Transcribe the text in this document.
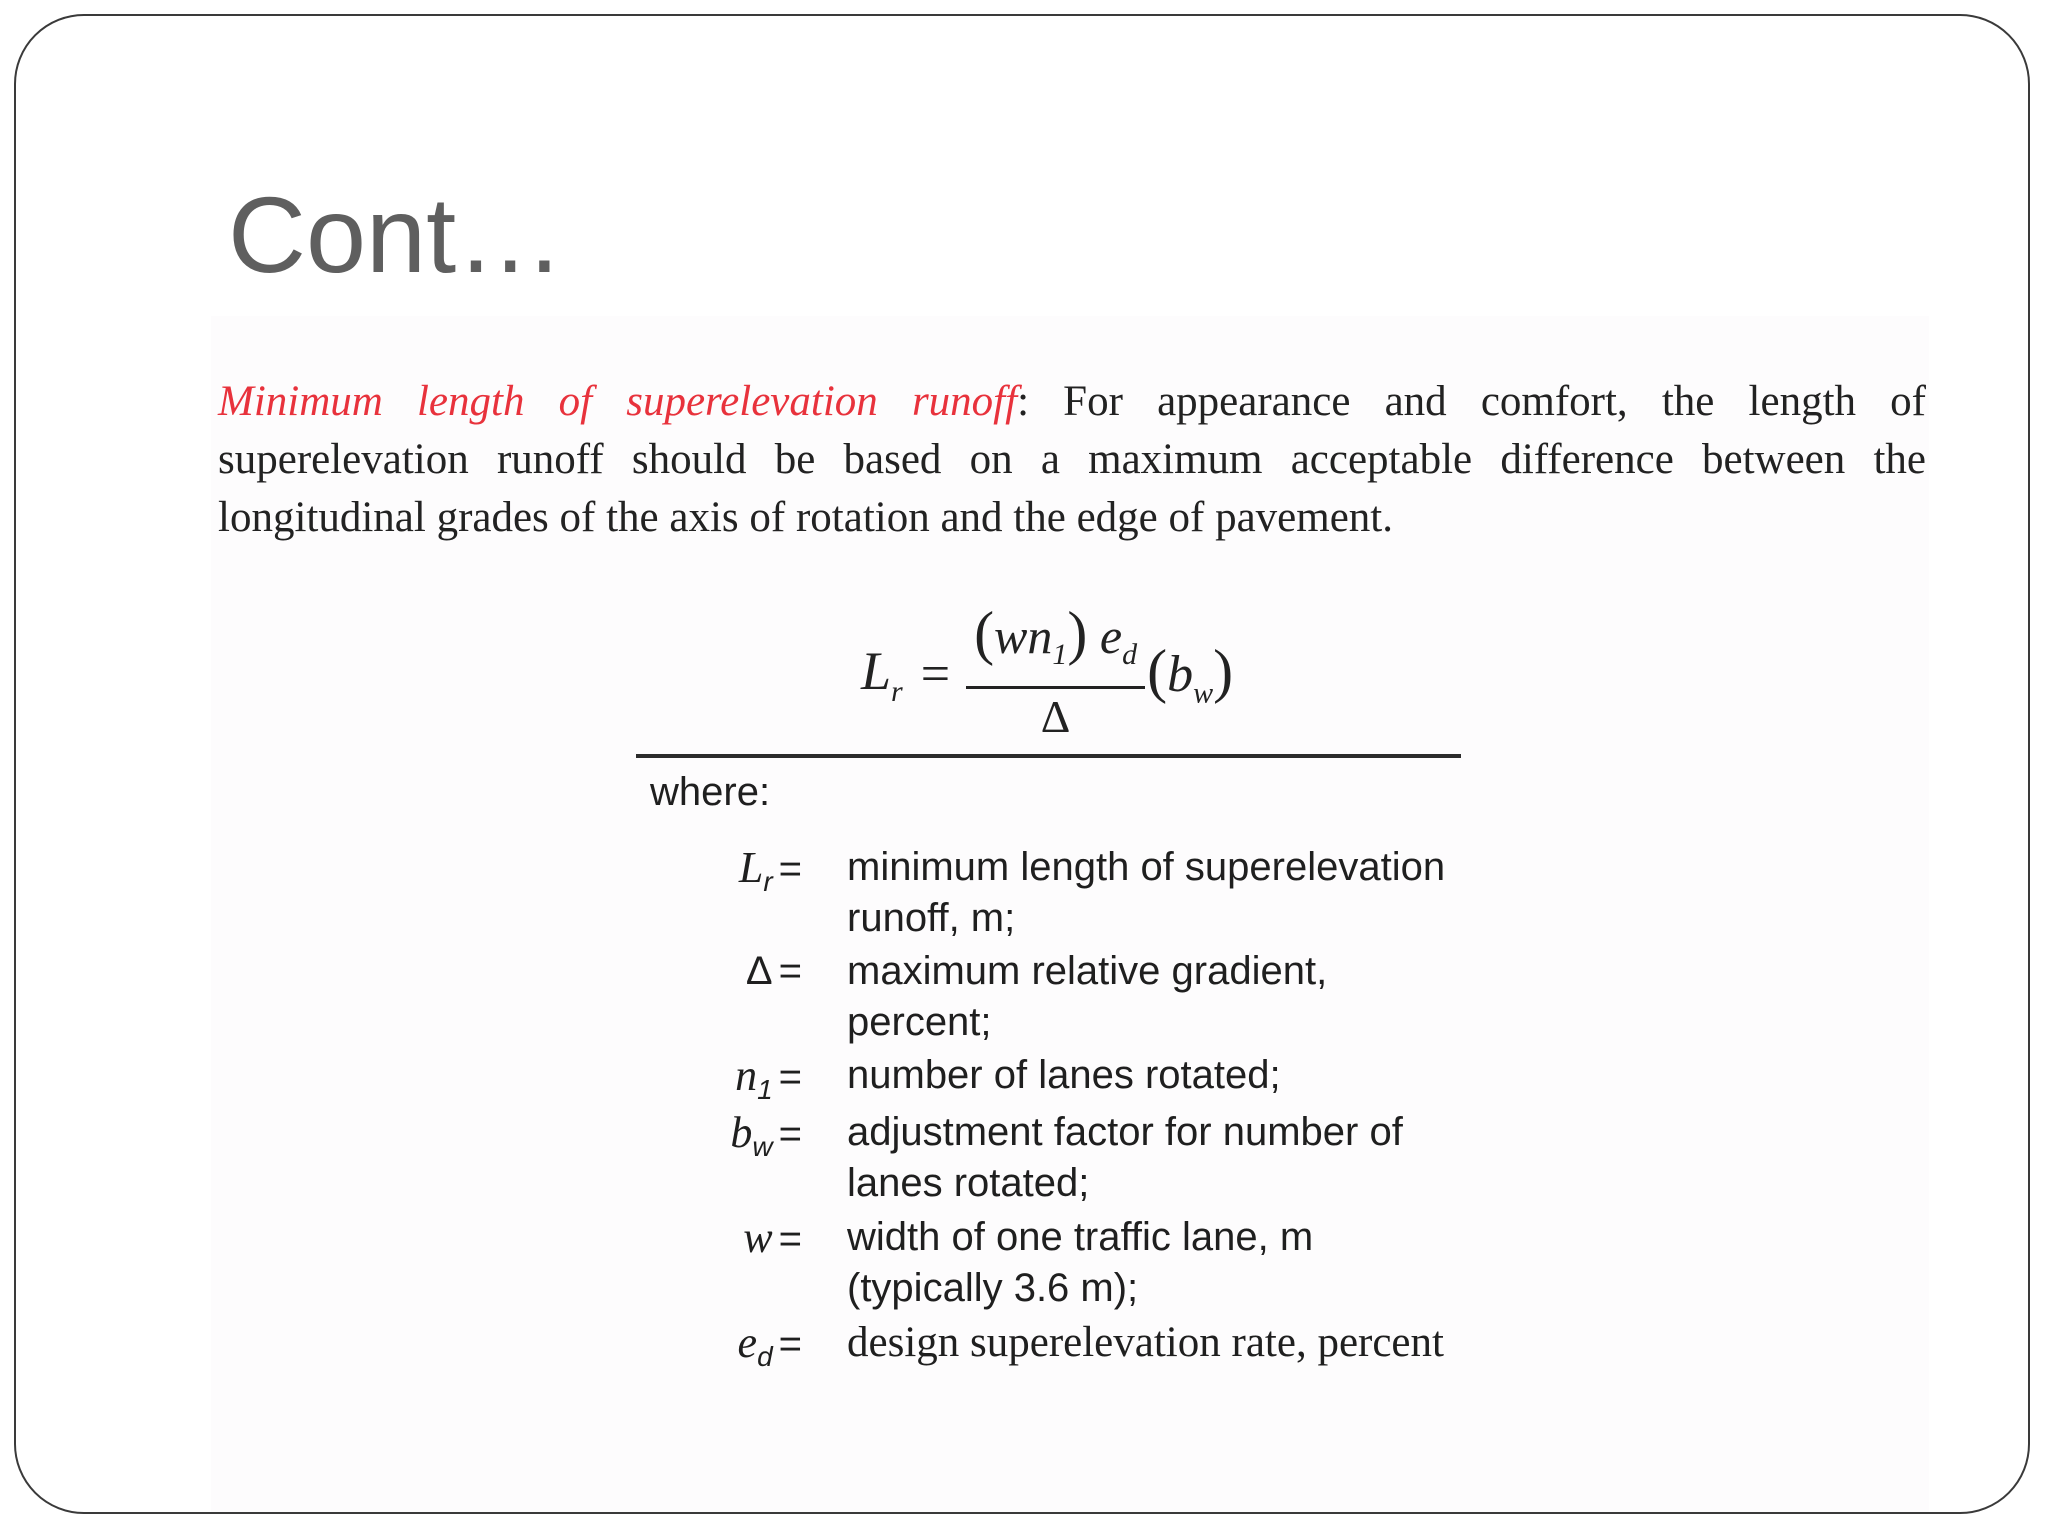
Cont…
Minimum length of superelevation runoff: For appearance and comfort, the length of superelevation runoff should be based on a maximum acceptable difference between the longitudinal grades of the axis of rotation and the edge of pavement.
$L_r = \frac{(wn_1) e_d}{\Delta} (b_w)$
where:
$L_r$ = minimum length of superelevation runoff, m;
Δ = maximum relative gradient, percent;
$n_1$ = number of lanes rotated;
$b_w$ = adjustment factor for number of lanes rotated;
w = width of one traffic lane, m (typically 3.6 m);
$e_d$ = design superelevation rate, percent
